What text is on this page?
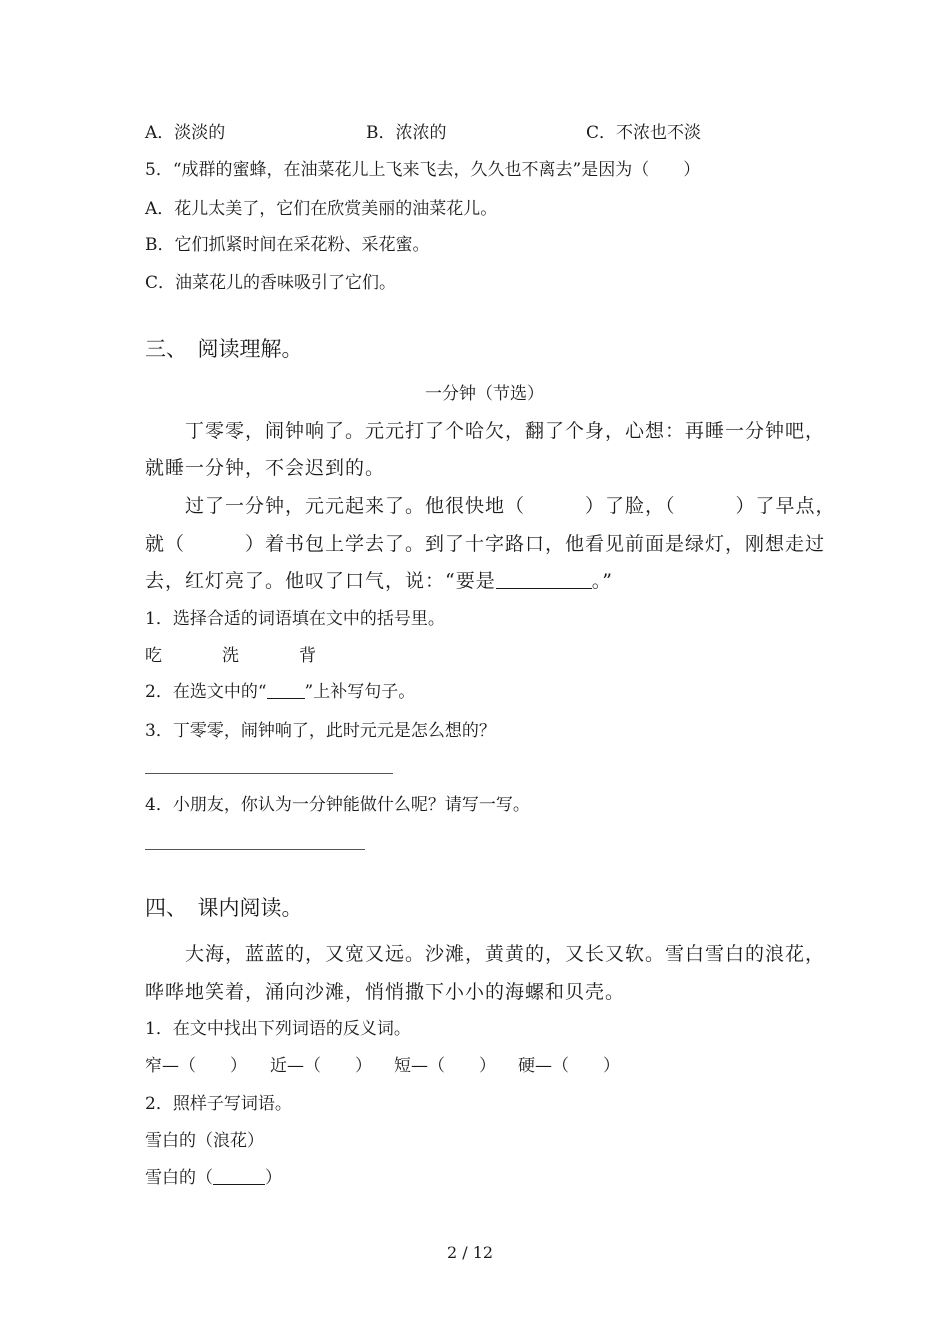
A．淡淡的	B．浓浓的	C．不浓也不淡
5．“成群的蜜蜂，在油菜花儿上飞来飞去，久久也不离去”是因为（　　）
A．花儿太美了，它们在欣赏美丽的油菜花儿。
B．它们抓紧时间在采花粉、采花蜜。
C．油菜花儿的香味吸引了它们。
三、　阅读理解。
一分钟（节选）
　　丁零零，闹钟响了。元元打了个哈欠，翻了个身，心想：再睡一分钟吧，
就睡一分钟，不会迟到的。
　　过了一分钟，元元起来了。他很快地（　　　）了脸，（　　　）了早点，
就（　　　）着书包上学去了。到了十字路口，他看见前面是绿灯，刚想走过
去，红灯亮了。他叹了口气，说：“要是	。”
1．选择合适的词语填在文中的括号里。
吃	洗	背
2．在选文中的“ ”上补写句子。
3．丁零零，闹钟响了，此时元元是怎么想的？
4．小朋友，你认为一分钟能做什么呢？请写一写。
四、　课内阅读。
　　大海，蓝蓝的，又宽又远。沙滩，黄黄的，又长又软。雪白雪白的浪花，
哗哗地笑着，涌向沙滩，悄悄撒下小小的海螺和贝壳。
1．在文中找出下列词语的反义词。
窄—（　　） 近—（　　） 短—（　　） 硬—（　　）
2．照样子写词语。
雪白的（浪花）
雪白的（	）
2 / 12
